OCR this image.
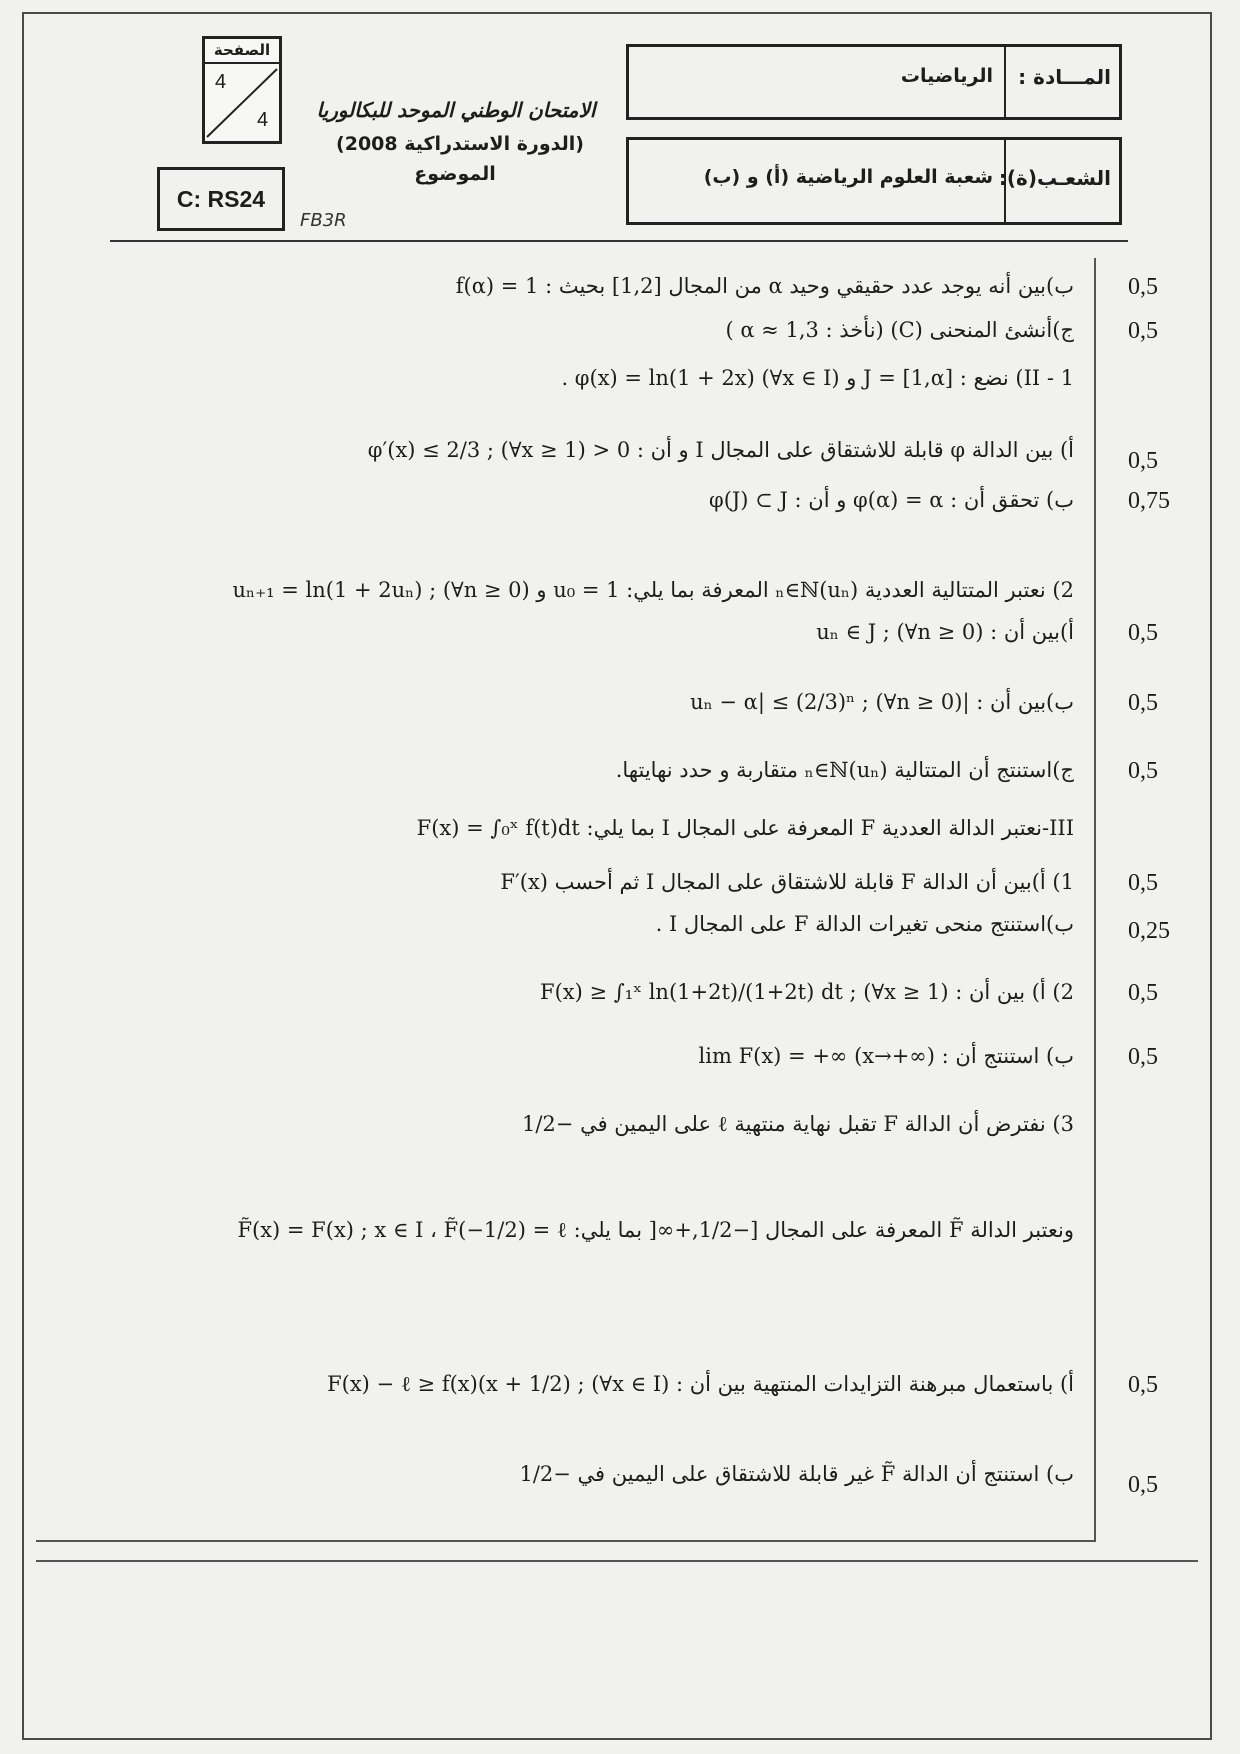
المـــادة :
الرياضيات
الشعـب(ة):
شعبة العلوم الرياضية (أ) و (ب)
الامتحان الوطني الموحد للبكالوريا
(الدورة الاستدراكية 2008)
الموضوع
الصفحة
4
4
C: RS24
FB3R
ب)بين أنه يوجد عدد حقيقي وحيد α من المجال [1,2] بحيث : f(α) = 1 0,5
ج)أنشئ المنحنى (C) (نأخذ : α ≈ 1,3 ) 0,5
II - 1) نضع : J = [1,α] و φ(x) = ln(1 + 2x) (∀x ∈ I) .
أ) بين الدالة φ قابلة للاشتقاق على المجال I و أن : 0 < φ′(x) ≤ 2/3 ; (∀x ≥ 1) 0,5
ب) تحقق أن : φ(α) = α و أن : φ(J) ⊂ J 0,75
2) نعتبر المتتالية العددية (uₙ)ₙ∈ℕ المعرفة بما يلي: u₀ = 1 و uₙ₊₁ = ln(1 + 2uₙ) ; (∀n ≥ 0)
أ)بين أن : uₙ ∈ J ; (∀n ≥ 0) 0,5
ب)بين أن : |uₙ − α| ≤ (2/3)ⁿ ; (∀n ≥ 0) 0,5
ج)استنتج أن المتتالية (uₙ)ₙ∈ℕ متقاربة و حدد نهايتها. 0,5
III-نعتبر الدالة العددية F المعرفة على المجال I بما يلي: F(x) = ∫₀ˣ f(t)dt
1) أ)بين أن الدالة F قابلة للاشتقاق على المجال I ثم أحسب F′(x) 0,5
ب)استنتج منحى تغيرات الدالة F على المجال I . 0,25
2) أ) بين أن : F(x) ≥ ∫₁ˣ ln(1+2t)/(1+2t) dt ; (∀x ≥ 1) 0,5
ب) استنتج أن : lim F(x) = +∞ (x→+∞) 0,5
3) نفترض أن الدالة F تقبل نهاية منتهية ℓ على اليمين في −1/2
ونعتبر الدالة F̃ المعرفة على المجال [−1/2,+∞[ بما يلي: F̃(x) = F(x) ; x ∈ I ، F̃(−1/2) = ℓ
أ) باستعمال مبرهنة التزايدات المنتهية بين أن : F(x) − ℓ ≥ f(x)(x + 1/2) ; (∀x ∈ I) 0,5
ب) استنتج أن الدالة F̃ غير قابلة للاشتقاق على اليمين في −1/2 0,5
